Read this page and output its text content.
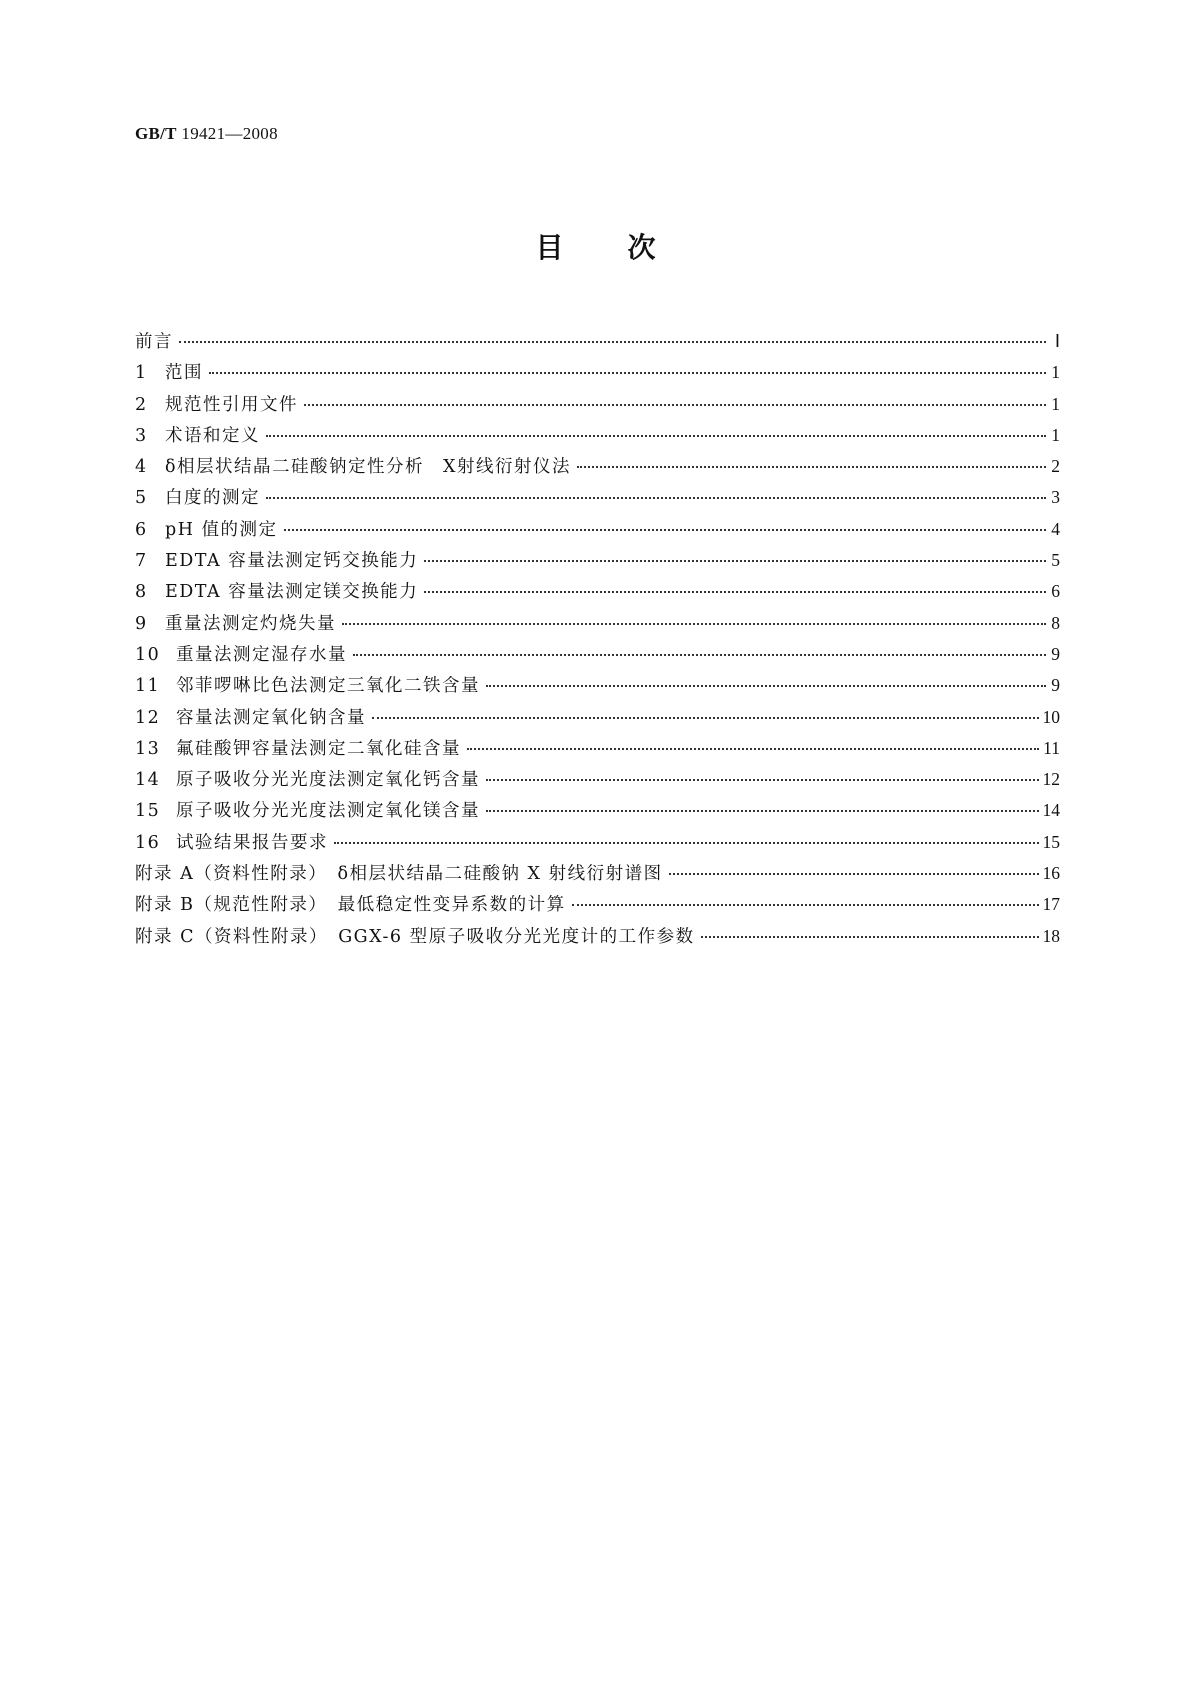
GB/T 19421—2008
目 次
前言	Ⅰ
1 范围	1
2 规范性引用文件	1
3 术语和定义	1
4 δ相层状结晶二硅酸钠定性分析　X射线衍射仪法	2
5 白度的测定	3
6 pH 值的测定	4
7 EDTA 容量法测定钙交换能力	5
8 EDTA 容量法测定镁交换能力	6
9 重量法测定灼烧失量	8
10 重量法测定湿存水量	9
11 邻菲啰啉比色法测定三氧化二铁含量	9
12 容量法测定氧化钠含量	10
13 氟硅酸钾容量法测定二氧化硅含量	11
14 原子吸收分光光度法测定氧化钙含量	12
15 原子吸收分光光度法测定氧化镁含量	14
16 试验结果报告要求	15
附录 A（资料性附录）　δ相层状结晶二硅酸钠 X 射线衍射谱图	16
附录 B（规范性附录）　最低稳定性变异系数的计算	17
附录 C（资料性附录）　GGX-6 型原子吸收分光光度计的工作参数	18
